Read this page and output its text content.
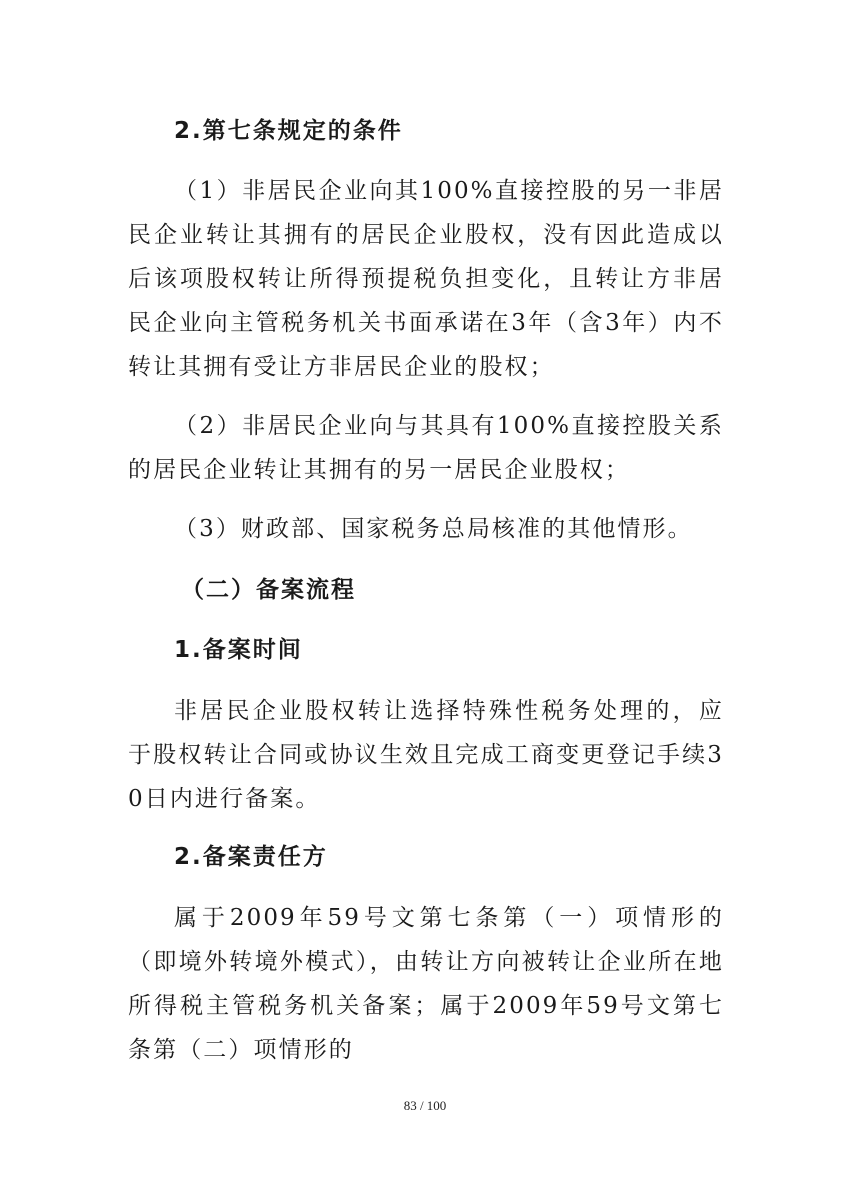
2.第七条规定的条件

（1）非居民企业向其100%直接控股的另一非居民企业转让其拥有的居民企业股权，没有因此造成以后该项股权转让所得预提税负担变化，且转让方非居民企业向主管税务机关书面承诺在3年（含3年）内不转让其拥有受让方非居民企业的股权；

（2）非居民企业向与其具有100%直接控股关系的居民企业转让其拥有的另一居民企业股权；

（3）财政部、国家税务总局核准的其他情形。

（二）备案流程

1.备案时间

非居民企业股权转让选择特殊性税务处理的，应于股权转让合同或协议生效且完成工商变更登记手续30日内进行备案。

2.备案责任方

属于2009年59号文第七条第（一）项情形的（即境外转境外模式），由转让方向被转让企业所在地所得税主管税务机关备案；属于2009年59号文第七条第（二）项情形的

83 / 100
